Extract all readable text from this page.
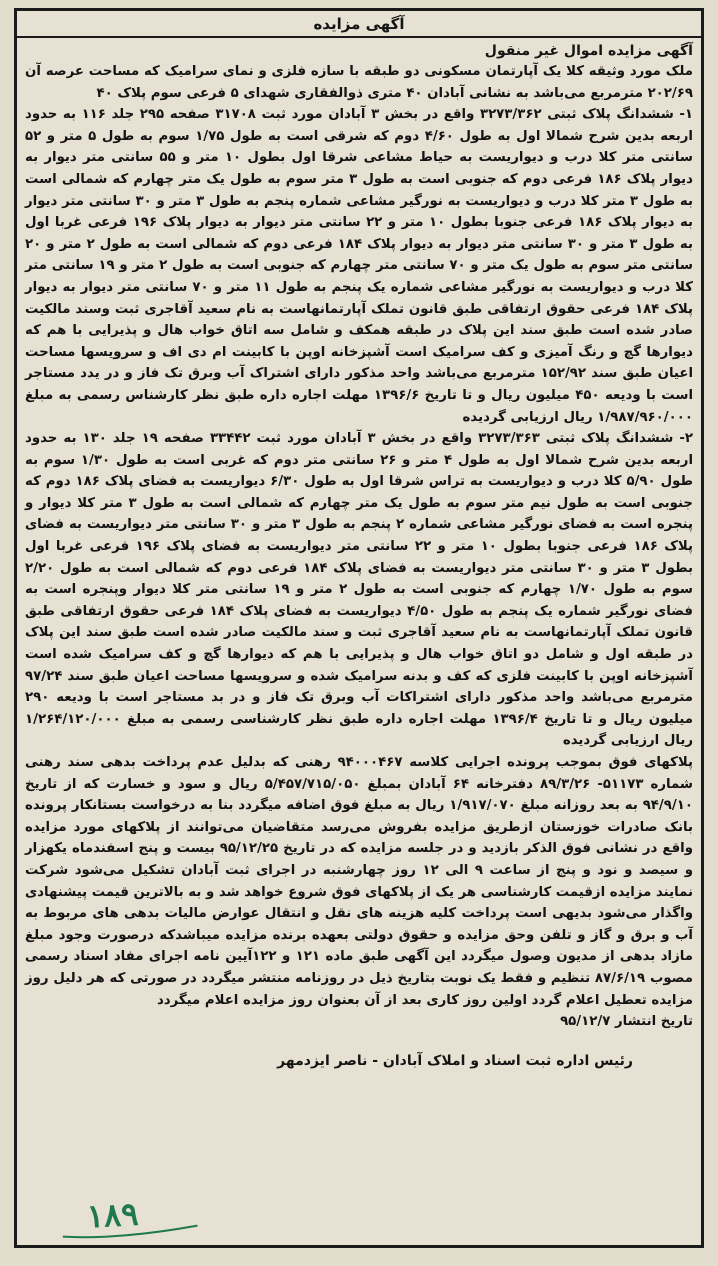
آگهی مزایده
آگهی مزایده اموال غیر منقول

ملک مورد وثیقه کلا یک آپارتمان مسکونی دو طبقه با سازه فلزی و نمای سرامیک که مساحت عرصه آن ۲۰۲/۶۹ مترمربع می‌باشد به نشانی آبادان ۴۰ متری ذوالفقاری شهدای ۵ فرعی سوم پلاک ۴۰

۱- ششدانگ پلاک ثبتی ۳۲۷۳/۳۶۲ واقع در بخش ۳ آبادان مورد ثبت ۳۱۷۰۸ صفحه ۲۹۵ جلد ۱۱۶ به حدود اربعه بدین شرح شمالا اول به طول ۴/۶۰ دوم که شرقی است به طول ۱/۷۵ سوم به طول ۵ متر و ۵۲ سانتی متر کلا درب و دیواریست به حیاط مشاعی شرقا اول بطول ۱۰ متر و ۵۵ سانتی متر دیوار به دیوار پلاک ۱۸۶ فرعی دوم که جنوبی است به طول ۳ متر سوم به طول یک متر چهارم که شمالی است به طول ۳ متر کلا درب و دیواریست به نورگیر مشاعی شماره پنجم به طول ۳ متر و ۳۰ سانتی متر دیوار به دیوار پلاک ۱۸۶ فرعی جنوبا بطول ۱۰ متر و ۲۲ سانتی متر دیوار به دیوار پلاک ۱۹۶ فرعی غربا اول به طول ۳ متر و ۳۰ سانتی متر دیوار به دیوار پلاک ۱۸۴ فرعی دوم که شمالی است به طول ۲ متر و ۲۰ سانتی متر سوم به طول یک متر و ۷۰ سانتی متر چهارم که جنوبی است به طول ۲ متر و ۱۹ سانتی متر کلا درب و دیواریست به نورگیر مشاعی شماره یک پنجم به طول ۱۱ متر و ۷۰ سانتی متر دیوار به دیوار پلاک ۱۸۴ فرعی حقوق ارتفاقی طبق قانون تملک آپارتمانهاست به نام سعید آقاجری ثبت وسند مالکیت صادر شده است طبق سند این پلاک در طبقه همکف و شامل سه اتاق خواب هال و پذیرایی با هم که دیوارها گچ و رنگ آمیزی و کف سرامیک است آشپزخانه اوپن با کابینت ام دی اف و سرویسها مساحت اعیان طبق سند ۱۵۲/۹۲ مترمربع می‌باشد واحد مذکور دارای اشتراک آب وبرق تک فاز و در یدد مستاجر است با ودیعه ۴۵۰ میلیون ریال و تا تاریخ ۱۳۹۶/۶ مهلت اجاره داره طبق نظر کارشناس رسمی به مبلغ ۱/۹۸۷/۹۶۰/۰۰۰ ریال ارزیابی گردیده

۲- ششدانگ پلاک ثبتی ۳۲۷۳/۳۶۳ واقع در بخش ۳ آبادان مورد ثبت ۳۳۴۴۲ صفحه ۱۹ جلد ۱۳۰ به حدود اربعه بدین شرح شمالا اول به طول ۴ متر و ۲۶ سانتی متر دوم که غربی است به طول ۱/۳۰ سوم به طول ۵/۹۰ کلا درب و دیواریست به تراس شرقا اول به طول ۶/۳۰ دیواریست به فضای پلاک ۱۸۶ دوم که جنوبی است به طول نیم متر سوم به طول یک متر چهارم که شمالی است به طول ۳ متر کلا دیوار و پنجره است به فضای نورگیر مشاعی شماره ۲ پنجم به طول ۳ متر و ۳۰ سانتی متر دیواریست به فضای پلاک ۱۸۶ فرعی جنوبا بطول ۱۰ متر و ۲۲ سانتی متر دیواریست به فضای پلاک ۱۹۶ فرعی غربا اول بطول ۳ متر و ۳۰ سانتی متر دیواریست به فضای پلاک ۱۸۴ فرعی دوم که شمالی است به طول ۲/۲۰ سوم به طول ۱/۷۰ چهارم که جنوبی است به طول ۲ متر و ۱۹ سانتی متر کلا دیوار وپنجره است به فضای نورگیر شماره یک پنجم به طول ۴/۵۰ دیواریست به فضای پلاک ۱۸۴ فرعی حقوق ارتفاقی طبق قانون تملک آپارتمانهاست به نام سعید آقاجری ثبت و سند مالکیت صادر شده است طبق سند این پلاک در طبقه اول و شامل دو اتاق خواب هال و پذیرایی با هم که دیوارها گچ و کف سرامیک شده است آشپزخانه اوپن با کابینت فلزی که کف و بدنه سرامیک شده و سرویسها مساحت اعیان طبق سند ۹۷/۲۴ مترمربع می‌باشد واحد مذکور دارای اشتراکات آب وبرق تک فاز و در بد مستاجر است با ودیعه ۲۹۰ میلیون ریال و تا تاریخ ۱۳۹۶/۴ مهلت اجاره داره طبق نظر کارشناسی رسمی به مبلغ ۱/۲۶۴/۱۲۰/۰۰۰ ریال ارزیابی گردیده

پلاکهای فوق بموجب پرونده اجرایی کلاسه ۹۴۰۰۰۴۶۷ رهنی که بدلیل عدم پرداخت بدهی سند رهنی شماره ۵۱۱۷۳- ۸۹/۳/۲۶ دفترخانه ۶۴ آبادان بمبلغ ۵/۴۵۷/۷۱۵/۰۵۰ ریال و سود و خسارت که از تاریخ ۹۴/۹/۱۰ به بعد روزانه مبلغ ۱/۹۱۷/۰۷۰ ریال به مبلغ فوق اضافه میگردد بنا به درخواست بستانکار پرونده بانک صادرات خوزستان ازطریق مزایده بفروش می‌رسد متقاضیان می‌توانند از پلاکهای مورد مزایده واقع در نشانی فوق الذکر بازدید و در جلسه مزایده که در تاریخ ۹۵/۱۲/۲۵ بیست و پنج اسفندماه یکهزار و سیصد و نود و پنج از ساعت ۹ الی ۱۲ روز چهارشنبه در اجرای ثبت آبادان تشکیل می‌شود شرکت نمایند مزایده ازقیمت کارشناسی هر یک از پلاکهای فوق شروع خواهد شد و به بالاترین قیمت پیشنهادی واگذار می‌شود بدیهی است پرداخت کلیه هزینه های نقل و انتقال عوارض مالیات بدهی های مربوط به آب و برق و گاز و تلفن وحق مزایده و حقوق دولتی بعهده برنده مزایده میباشدکه درصورت وجود مبلغ مازاد بدهی از مدیون وصول میگردد این آگهی طبق ماده ۱۲۱ و ۱۲۲آیین نامه اجرای مفاد اسناد رسمی مصوب ۸۷/۶/۱۹ تنظیم و فقط یک نوبت بتاریخ ذیل در روزنامه منتشر میگردد در صورتی که هر دلیل روز مزایده تعطیل اعلام گردد اولین روز کاری بعد از آن بعنوان روز مزایده اعلام میگردد

تاریخ انتشار ۹۵/۱۲/۷
رئیس اداره ثبت اسناد و املاک آبادان - ناصر ایزدمهر
۱۸۹
